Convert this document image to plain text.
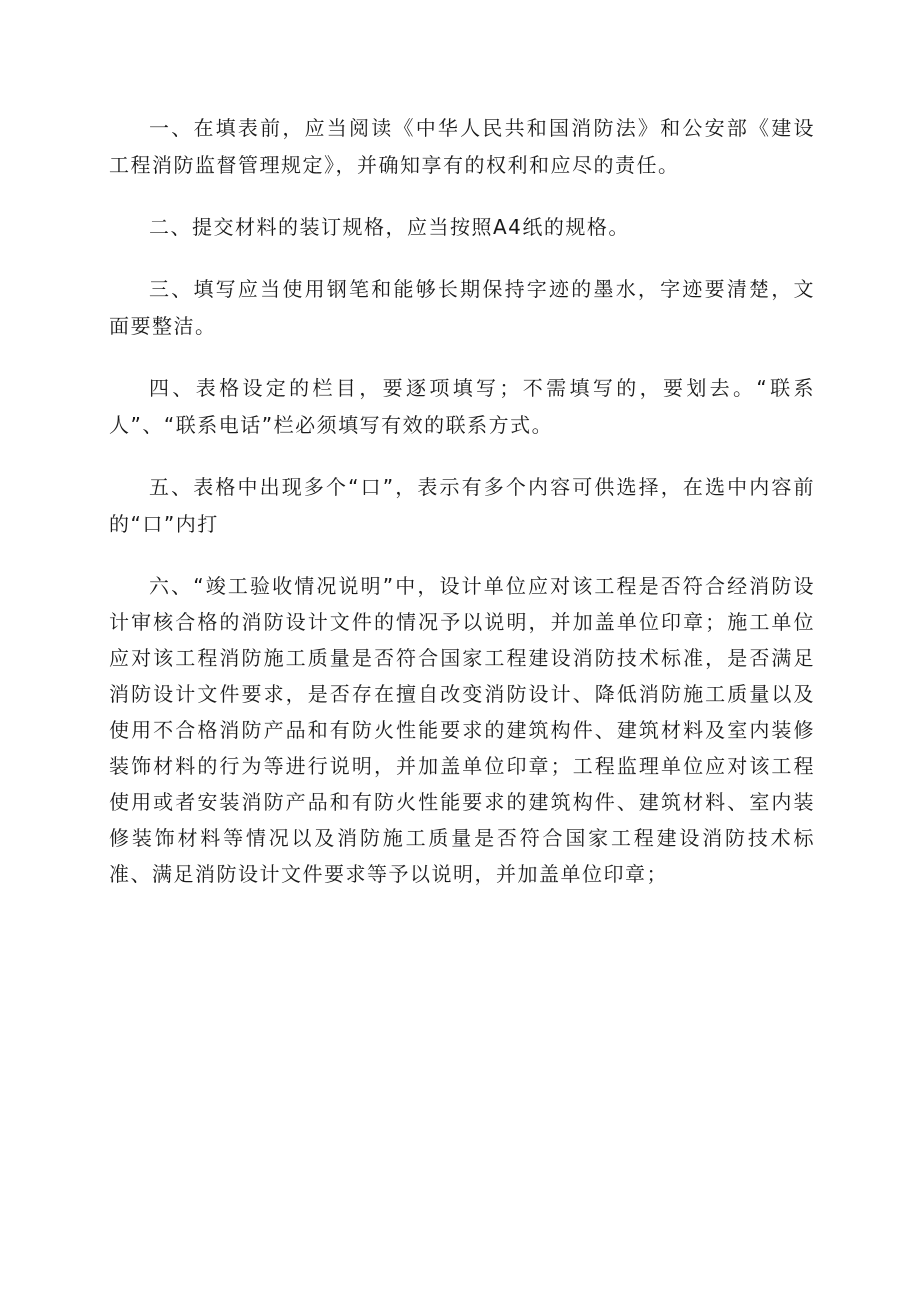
一、在填表前，应当阅读《中华人民共和国消防法》和公安部《建设工程消防监督管理规定》，并确知享有的权利和应尽的责任。

二、提交材料的装订规格，应当按照A4纸的规格。

三、填写应当使用钢笔和能够长期保持字迹的墨水，字迹要清楚，文面要整洁。

四、表格设定的栏目，要逐项填写；不需填写的，要划去。“联系人”、“联系电话”栏必须填写有效的联系方式。

五、表格中出现多个“口”，表示有多个内容可供选择，在选中内容前的“口”内打

六、“竣工验收情况说明”中，设计单位应对该工程是否符合经消防设计审核合格的消防设计文件的情况予以说明，并加盖单位印章；施工单位应对该工程消防施工质量是否符合国家工程建设消防技术标准，是否满足消防设计文件要求，是否存在擅自改变消防设计、降低消防施工质量以及使用不合格消防产品和有防火性能要求的建筑构件、建筑材料及室内装修装饰材料的行为等进行说明，并加盖单位印章；工程监理单位应对该工程使用或者安装消防产品和有防火性能要求的建筑构件、建筑材料、室内装修装饰材料等情况以及消防施工质量是否符合国家工程建设消防技术标准、满足消防设计文件要求等予以说明，并加盖单位印章；
